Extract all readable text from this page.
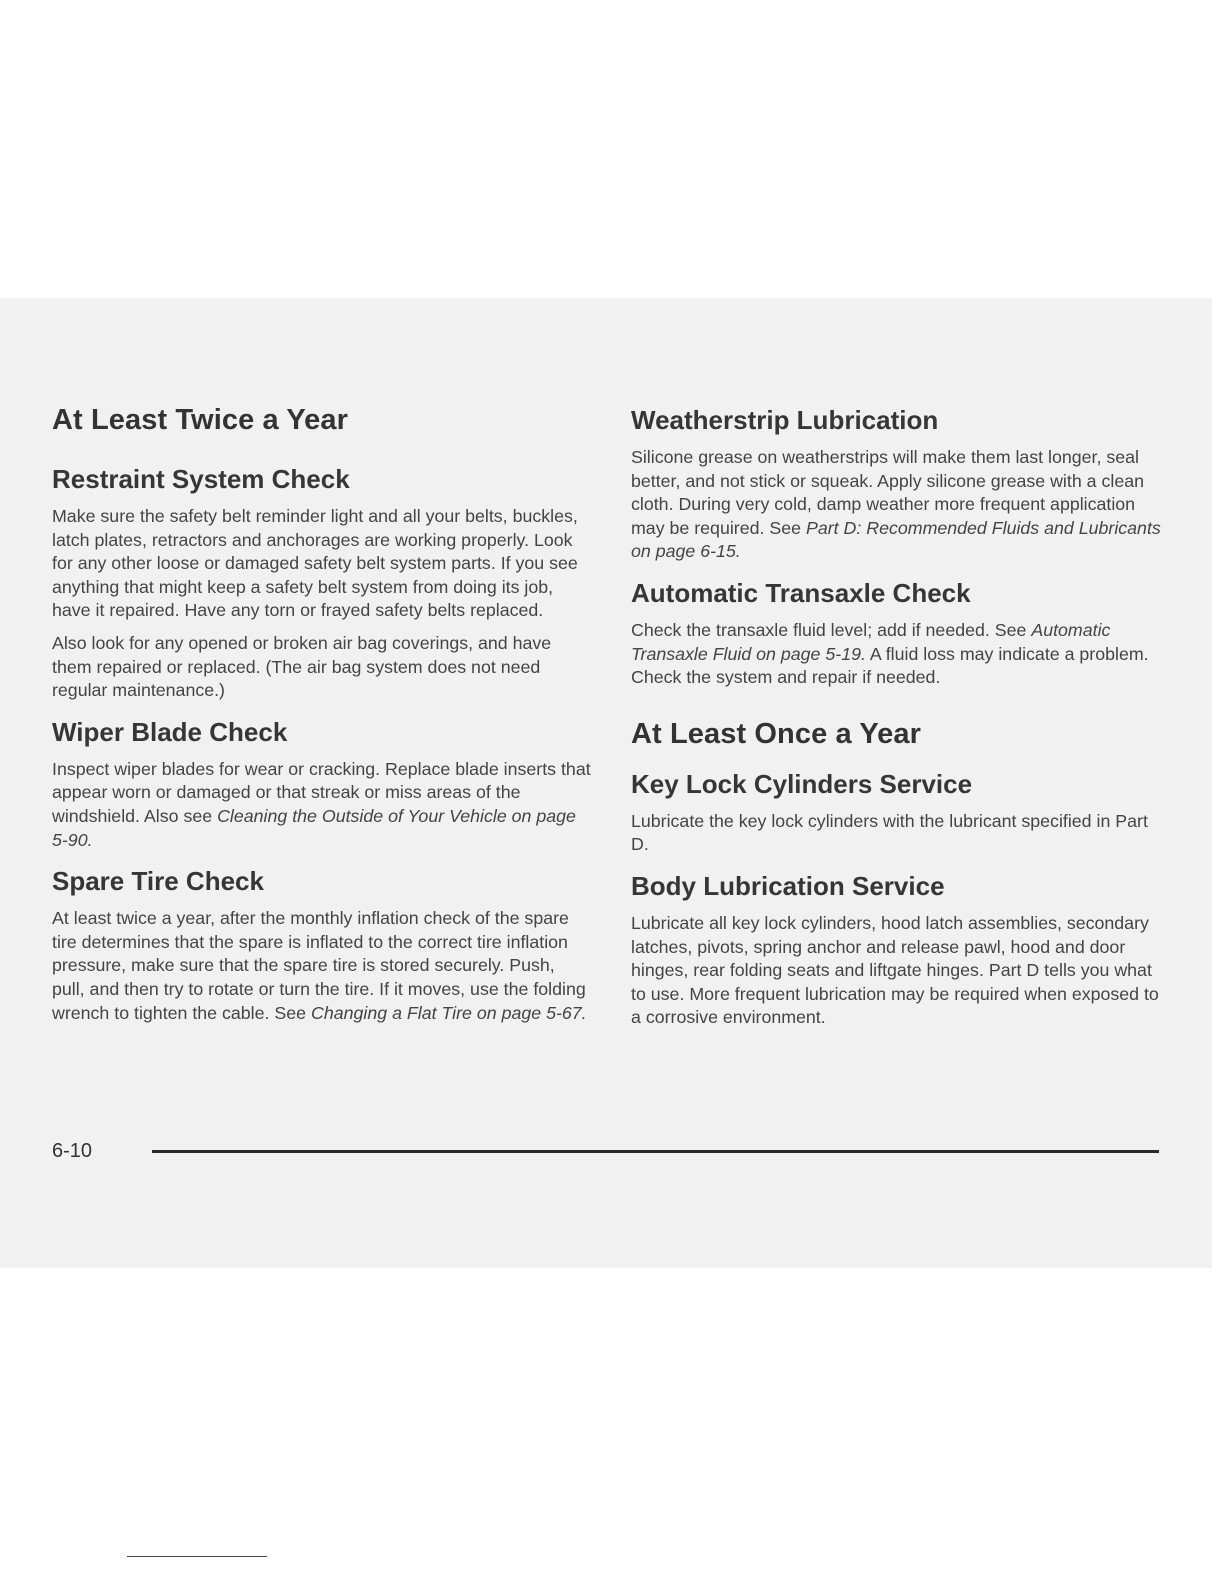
At Least Twice a Year
Restraint System Check

Make sure the safety belt reminder light and all your belts, buckles, latch plates, retractors and anchorages are working properly. Look for any other loose or damaged safety belt system parts. If you see anything that might keep a safety belt system from doing its job, have it repaired. Have any torn or frayed safety belts replaced.

Also look for any opened or broken air bag coverings, and have them repaired or replaced. (The air bag system does not need regular maintenance.)

Wiper Blade Check

Inspect wiper blades for wear or cracking. Replace blade inserts that appear worn or damaged or that streak or miss areas of the windshield. Also see Cleaning the Outside of Your Vehicle on page 5-90.

Spare Tire Check

At least twice a year, after the monthly inflation check of the spare tire determines that the spare is inflated to the correct tire inflation pressure, make sure that the spare tire is stored securely. Push, pull, and then try to rotate or turn the tire. If it moves, use the folding wrench to tighten the cable. See Changing a Flat Tire on page 5-67.

Weatherstrip Lubrication

Silicone grease on weatherstrips will make them last longer, seal better, and not stick or squeak. Apply silicone grease with a clean cloth. During very cold, damp weather more frequent application may be required. See Part D: Recommended Fluids and Lubricants on page 6-15.

Automatic Transaxle Check

Check the transaxle fluid level; add if needed. See Automatic Transaxle Fluid on page 5-19. A fluid loss may indicate a problem. Check the system and repair if needed.

At Least Once a Year
Key Lock Cylinders Service

Lubricate the key lock cylinders with the lubricant specified in Part D.

Body Lubrication Service

Lubricate all key lock cylinders, hood latch assemblies, secondary latches, pivots, spring anchor and release pawl, hood and door hinges, rear folding seats and liftgate hinges. Part D tells you what to use. More frequent lubrication may be required when exposed to a corrosive environment.

6-10
